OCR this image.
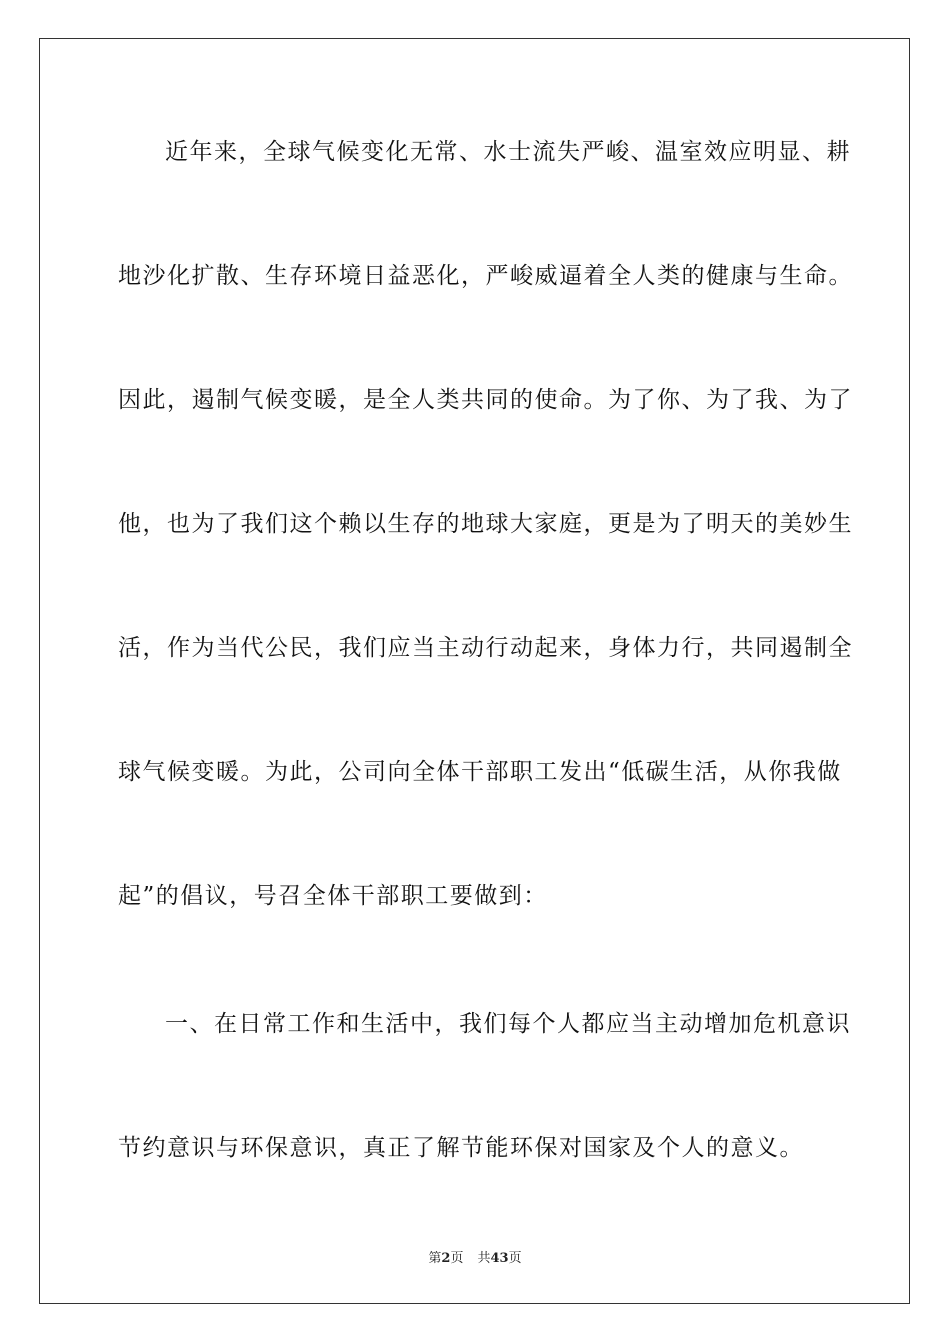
近年来，全球气候变化无常、水士流失严峻、温室效应明显、耕
地沙化扩散、生存环境日益恶化，严峻威逼着全人类的健康与生命。
因此，遏制气候变暖，是全人类共同的使命。为了你、为了我、为了
他，也为了我们这个赖以生存的地球大家庭，更是为了明天的美妙生
活，作为当代公民，我们应当主动行动起来，身体力行，共同遏制全
球气候变暖。为此，公司向全体干部职工发出“低碳生活，从你我做
起”的倡议，号召全体干部职工要做到：
一、在日常工作和生活中，我们每个人都应当主动增加危机意识
节约意识与环保意识，真正了解节能环保对国家及个人的意义。
第2页 共43页
